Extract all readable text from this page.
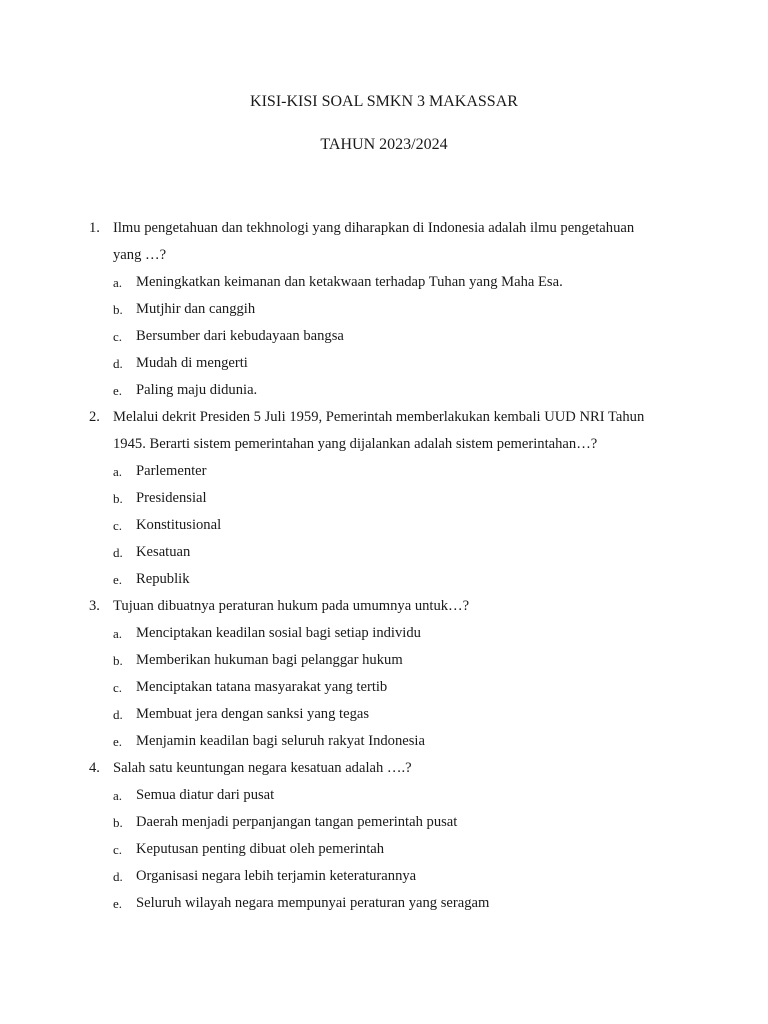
KISI-KISI SOAL SMKN 3 MAKASSAR
TAHUN 2023/2024
1. Ilmu pengetahuan dan tekhnologi yang diharapkan di Indonesia adalah ilmu pengetahuan
yang …?
a. Meningkatkan keimanan dan ketakwaan terhadap Tuhan yang Maha Esa.
b. Mutjhir dan canggih
c. Bersumber dari kebudayaan bangsa
d. Mudah di mengerti
e. Paling maju didunia.
2. Melalui dekrit Presiden 5 Juli 1959, Pemerintah memberlakukan kembali UUD NRI Tahun
1945. Berarti sistem pemerintahan yang dijalankan adalah sistem pemerintahan…?
a. Parlementer
b. Presidensial
c. Konstitusional
d. Kesatuan
e. Republik
3. Tujuan dibuatnya peraturan hukum pada umumnya untuk…?
a. Menciptakan keadilan sosial bagi setiap individu
b. Memberikan hukuman bagi pelanggar hukum
c. Menciptakan tatana masyarakat yang tertib
d. Membuat jera dengan sanksi yang tegas
e. Menjamin keadilan bagi seluruh rakyat Indonesia
4. Salah satu keuntungan negara kesatuan adalah ….?
a. Semua diatur dari pusat
b. Daerah menjadi perpanjangan tangan pemerintah pusat
c. Keputusan penting dibuat oleh pemerintah
d. Organisasi negara lebih terjamin keteraturannya
e. Seluruh wilayah negara mempunyai peraturan yang seragam
